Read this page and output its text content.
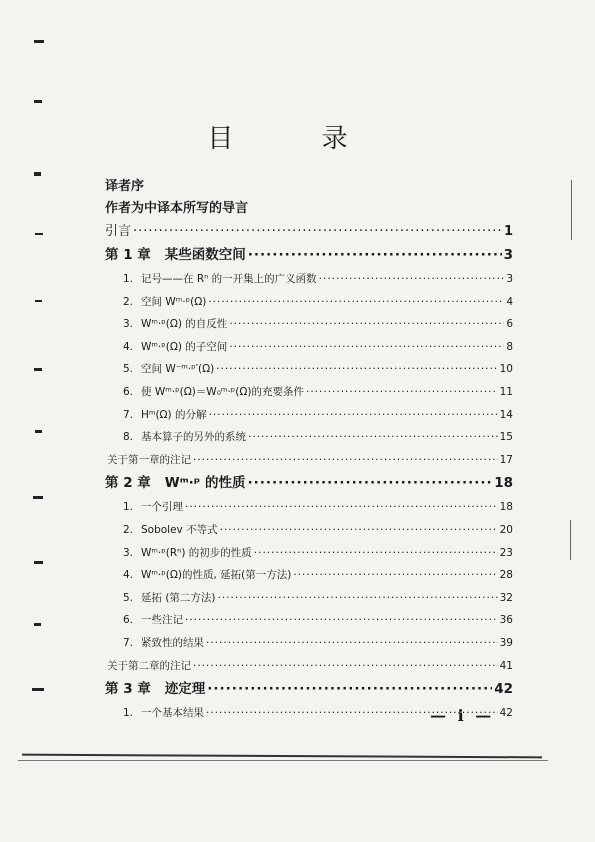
目 录
译者序
作者为中译本所写的导言
引言 ·····	1
第 1 章 某些函数空间 ·····	3
1. 记号——在 Rⁿ 的一开集上的广义函数 ·····	3
2. 空间 Wᵐ·ᵖ(Ω) ·····	4
3. Wᵐ·ᵖ(Ω) 的自反性 ·····	6
4. Wᵐ·ᵖ(Ω) 的子空间 ·····	8
5. 空间 W⁻ᵐ·ᵖ′(Ω) ·····	10
6. 使 Wᵐ·ᵖ(Ω)＝W₀ᵐ·ᵖ(Ω)的充要条件 ·····	11
7. Hᵐ(Ω) 的分解 ·····	14
8. 基本算子的另外的系统 ·····	15
关于第一章的注记 ·····	17
第 2 章 Wᵐ·ᵖ 的性质 ·····	18
1. 一个引理 ·····	18
2. Sobolev 不等式 ·····	20
3. Wᵐ·ᵖ(Rⁿ) 的初步的性质 ·····	23
4. Wᵐ·ᵖ(Ω)的性质, 延拓(第一方法) ·····	28
5. 延拓 (第二方法) ·····	32
6. 一些注记 ·····	36
7. 紧致性的结果 ·····	39
关于第二章的注记 ·····	41
第 3 章 迹定理 ·····	42
1. 一个基本结果 ·····	42
— i —
